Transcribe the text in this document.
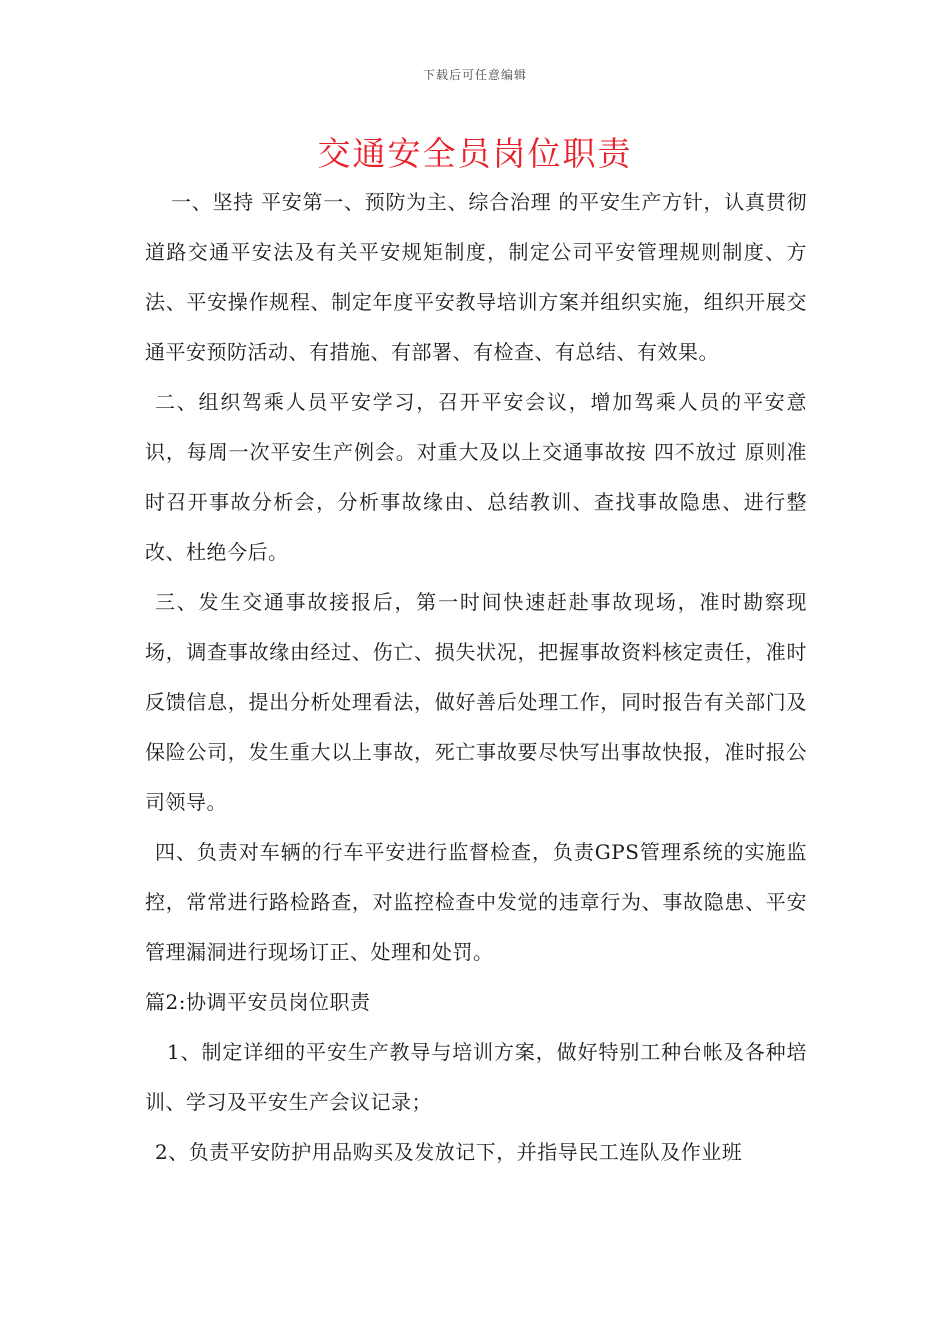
下载后可任意编辑
交通安全员岗位职责

一、坚持 平安第一、预防为主、综合治理 的平安生产方针，认真贯彻道路交通平安法及有关平安规矩制度，制定公司平安管理规则制度、方法、平安操作规程、制定年度平安教导培训方案并组织实施，组织开展交通平安预防活动、有措施、有部署、有检查、有总结、有效果。

二、组织驾乘人员平安学习，召开平安会议，增加驾乘人员的平安意识，每周一次平安生产例会。对重大及以上交通事故按 四不放过 原则准时召开事故分析会，分析事故缘由、总结教训、查找事故隐患、进行整改、杜绝今后。

三、发生交通事故接报后，第一时间快速赶赴事故现场，准时勘察现场，调查事故缘由经过、伤亡、损失状况，把握事故资料核定责任，准时反馈信息，提出分析处理看法，做好善后处理工作，同时报告有关部门及保险公司，发生重大以上事故，死亡事故要尽快写出事故快报，准时报公司领导。

四、负责对车辆的行车平安进行监督检查，负责GPS管理系统的实施监控，常常进行路检路查，对监控检查中发觉的违章行为、事故隐患、平安管理漏洞进行现场订正、处理和处罚。

篇2:协调平安员岗位职责

1、制定详细的平安生产教导与培训方案，做好特别工种台帐及各种培训、学习及平安生产会议记录；

2、负责平安防护用品购买及发放记下，并指导民工连队及作业班
